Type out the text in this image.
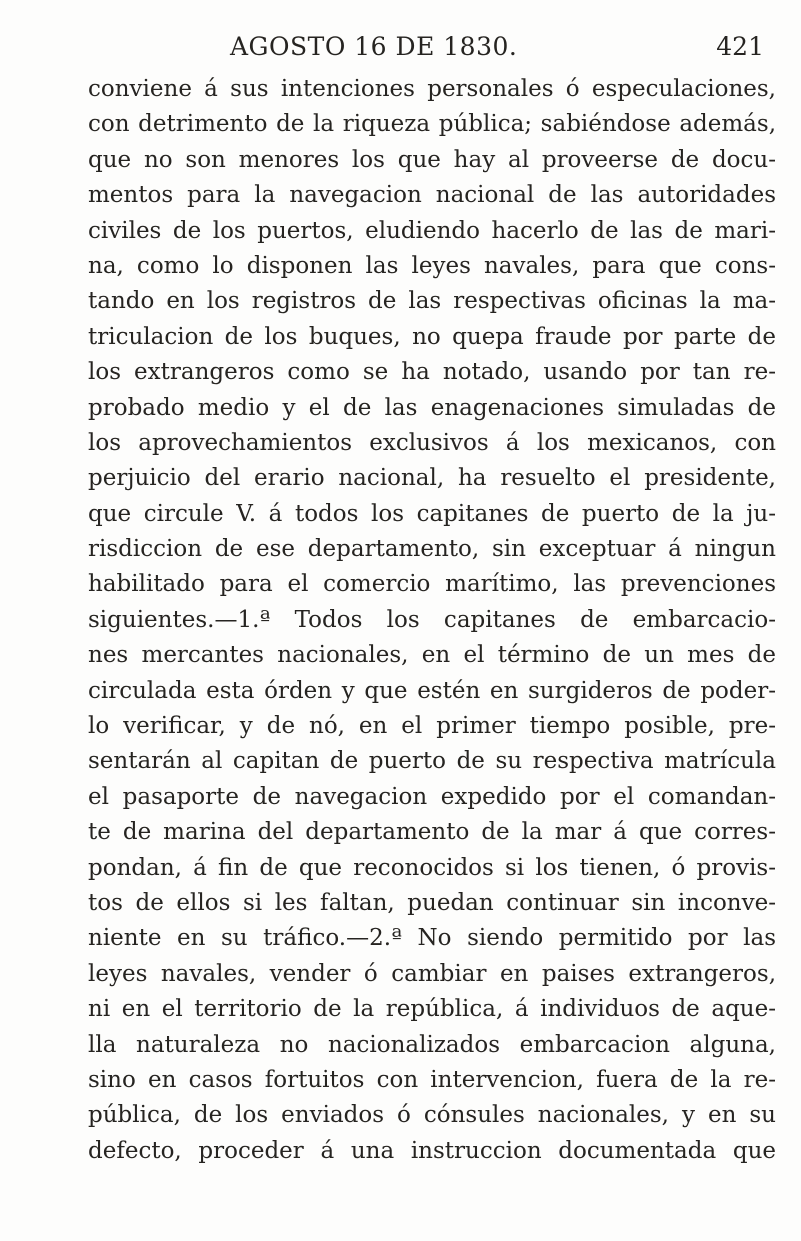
AGOSTO 16 DE 1830.	421
conviene á sus intenciones personales ó especulaciones,
con detrimento de la riqueza pública; sabiéndose además,
que no son menores los que hay al proveerse de docu-
mentos para la navegacion nacional de las autoridades
civiles de los puertos, eludiendo hacerlo de las de mari-
na, como lo disponen las leyes navales, para que cons-
tando en los registros de las respectivas oficinas la ma-
triculacion de los buques, no quepa fraude por parte de
los extrangeros como se ha notado, usando por tan re-
probado medio y el de las enagenaciones simuladas de
los aprovechamientos exclusivos á los mexicanos, con
perjuicio del erario nacional, ha resuelto el presidente,
que circule V. á todos los capitanes de puerto de la ju-
risdiccion de ese departamento, sin exceptuar á ningun
habilitado para el comercio marítimo, las prevenciones
siguientes.—1.ª Todos los capitanes de embarcacio-
nes mercantes nacionales, en el término de un mes de
circulada esta órden y que estén en surgideros de poder-
lo verificar, y de nó, en el primer tiempo posible, pre-
sentarán al capitan de puerto de su respectiva matrícula
el pasaporte de navegacion expedido por el comandan-
te de marina del departamento de la mar á que corres-
pondan, á fin de que reconocidos si los tienen, ó provis-
tos de ellos si les faltan, puedan continuar sin inconve-
niente en su tráfico.—2.ª No siendo permitido por las
leyes navales, vender ó cambiar en paises extrangeros,
ni en el territorio de la república, á individuos de aque-
lla naturaleza no nacionalizados embarcacion alguna,
sino en casos fortuitos con intervencion, fuera de la re-
pública, de los enviados ó cónsules nacionales, y en su
defecto, proceder á una instruccion documentada que
